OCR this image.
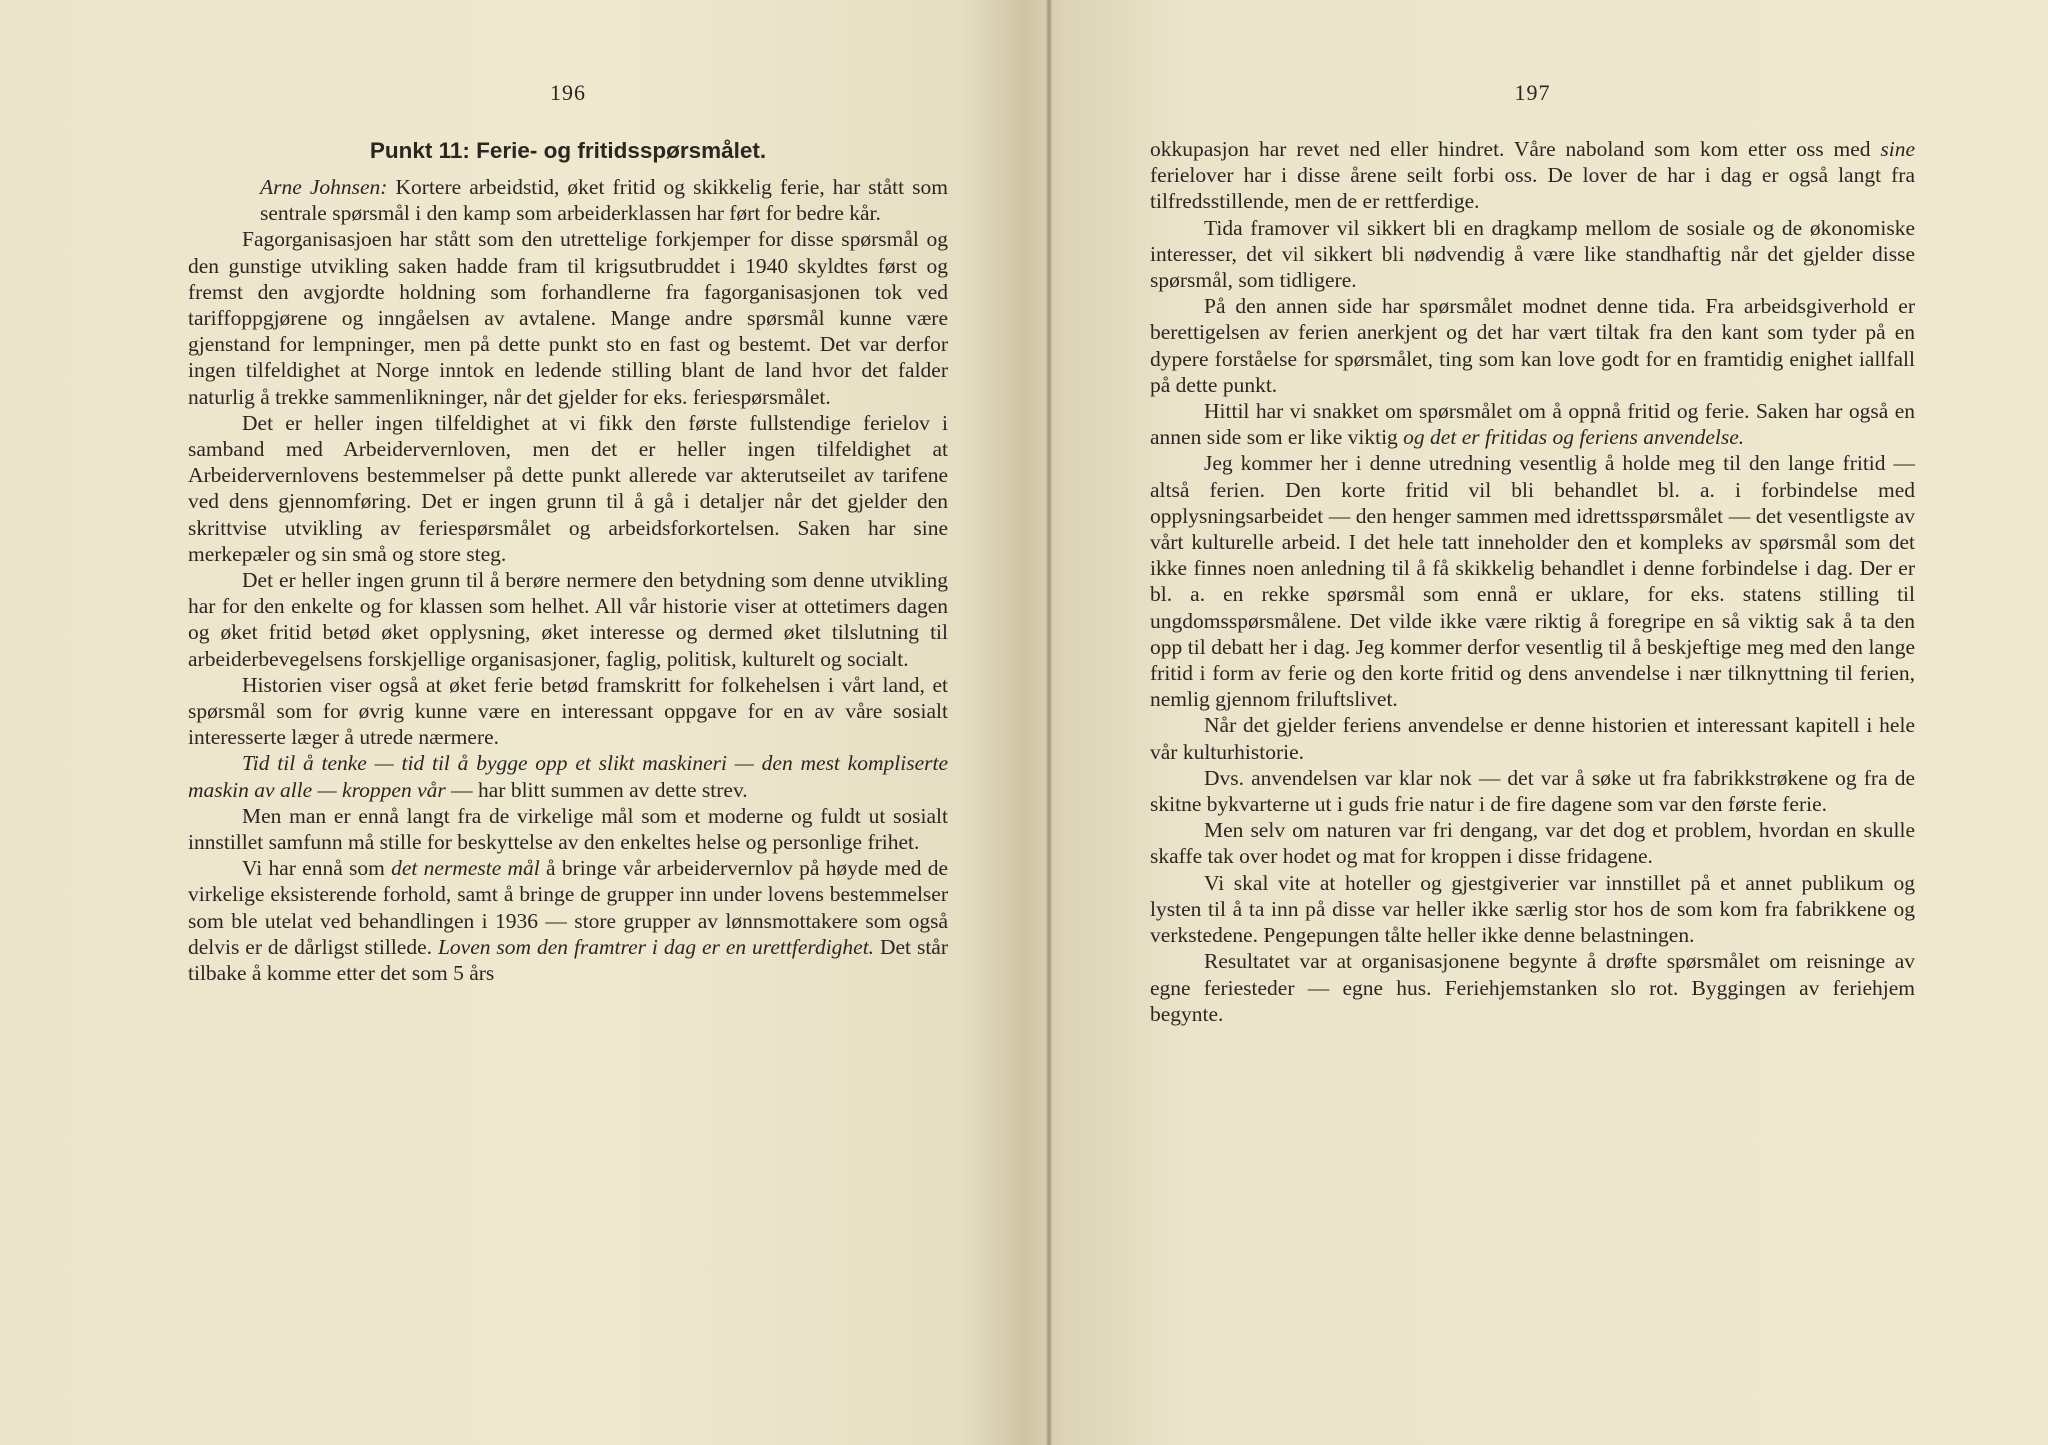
196
Punkt 11: Ferie- og fritidsspørsmålet.

Arne Johnsen: Kortere arbeidstid, øket fritid og skikkelig ferie, har stått som sentrale spørsmål i den kamp som arbeiderklassen har ført for bedre kår.

Fagorganisasjoen har stått som den utrettelige forkjemper for disse spørsmål og den gunstige utvikling saken hadde fram til krigsutbruddet i 1940 skyldtes først og fremst den avgjordte holdning som forhandlerne fra fagorganisasjonen tok ved tariffoppgjørene og inngåelsen av avtalene. Mange andre spørsmål kunne være gjenstand for lempninger, men på dette punkt sto en fast og bestemt. Det var derfor ingen tilfeldighet at Norge inntok en ledende stilling blant de land hvor det falder naturlig å trekke sammenlikninger, når det gjelder for eks. feriespørsmålet.

Det er heller ingen tilfeldighet at vi fikk den første fullstendige ferielov i samband med Arbeidervernloven, men det er heller ingen tilfeldighet at Arbeidervernlovens bestemmelser på dette punkt allerede var akterutseilet av tarifene ved dens gjennomføring. Det er ingen grunn til å gå i detaljer når det gjelder den skrittvise utvikling av feriespørsmålet og arbeidsforkortelsen. Saken har sine merkepæler og sin små og store steg.

Det er heller ingen grunn til å berøre nermere den betydning som denne utvikling har for den enkelte og for klassen som helhet. All vår historie viser at ottetimers dagen og øket fritid betød øket opplysning, øket interesse og dermed øket tilslutning til arbeiderbevegelsens forskjellige organisasjoner, faglig, politisk, kulturelt og socialt.

Historien viser også at øket ferie betød framskritt for folkehelsen i vårt land, et spørsmål som for øvrig kunne være en interessant oppgave for en av våre sosialt interesserte læger å utrede nærmere.

Tid til å tenke — tid til å bygge opp et slikt maskineri — den mest kompliserte maskin av alle — kroppen vår — har blitt summen av dette strev.

Men man er ennå langt fra de virkelige mål som et moderne og fuldt ut sosialt innstillet samfunn må stille for beskyttelse av den enkeltes helse og personlige frihet.

Vi har ennå som det nermeste mål å bringe vår arbeidervernlov på høyde med de virkelige eksisterende forhold, samt å bringe de grupper inn under lovens bestemmelser som ble utelat ved behandlingen i 1936 — store grupper av lønnsmottakere som også delvis er de dårligst stillede. Loven som den framtrer i dag er en urettferdighet. Det står tilbake å komme etter det som 5 års

197

okkupasjon har revet ned eller hindret. Våre naboland som kom etter oss med sine ferielover har i disse årene seilt forbi oss. De lover de har i dag er også langt fra tilfredsstillende, men de er rettferdige.

Tida framover vil sikkert bli en dragkamp mellom de sosiale og de økonomiske interesser, det vil sikkert bli nødvendig å være like standhaftig når det gjelder disse spørsmål, som tidligere.

På den annen side har spørsmålet modnet denne tida. Fra arbeidsgiverhold er berettigelsen av ferien anerkjent og det har vært tiltak fra den kant som tyder på en dypere forståelse for spørsmålet, ting som kan love godt for en framtidig enighet iallfall på dette punkt.

Hittil har vi snakket om spørsmålet om å oppnå fritid og ferie. Saken har også en annen side som er like viktig og det er fritidas og feriens anvendelse.

Jeg kommer her i denne utredning vesentlig å holde meg til den lange fritid — altså ferien. Den korte fritid vil bli behandlet bl. a. i forbindelse med opplysningsarbeidet — den henger sammen med idrettsspørsmålet — det vesentligste av vårt kulturelle arbeid. I det hele tatt inneholder den et kompleks av spørsmål som det ikke finnes noen anledning til å få skikkelig behandlet i denne forbindelse i dag. Der er bl. a. en rekke spørsmål som ennå er uklare, for eks. statens stilling til ungdomsspørsmålene. Det vilde ikke være riktig å foregripe en så viktig sak å ta den opp til debatt her i dag. Jeg kommer derfor vesentlig til å beskjeftige meg med den lange fritid i form av ferie og den korte fritid og dens anvendelse i nær tilknyttning til ferien, nemlig gjennom friluftslivet.

Når det gjelder feriens anvendelse er denne historien et interessant kapitell i hele vår kulturhistorie.

Dvs. anvendelsen var klar nok — det var å søke ut fra fabrikkstrøkene og fra de skitne bykvarterne ut i guds frie natur i de fire dagene som var den første ferie.

Men selv om naturen var fri dengang, var det dog et problem, hvordan en skulle skaffe tak over hodet og mat for kroppen i disse fridagene.

Vi skal vite at hoteller og gjestgiverier var innstillet på et annet publikum og lysten til å ta inn på disse var heller ikke særlig stor hos de som kom fra fabrikkene og verkstedene. Pengepungen tålte heller ikke denne belastningen.

Resultatet var at organisasjonene begynte å drøfte spørsmålet om reisninge av egne feriesteder — egne hus. Feriehjemstanken slo rot. Byggingen av feriehjem begynte.
